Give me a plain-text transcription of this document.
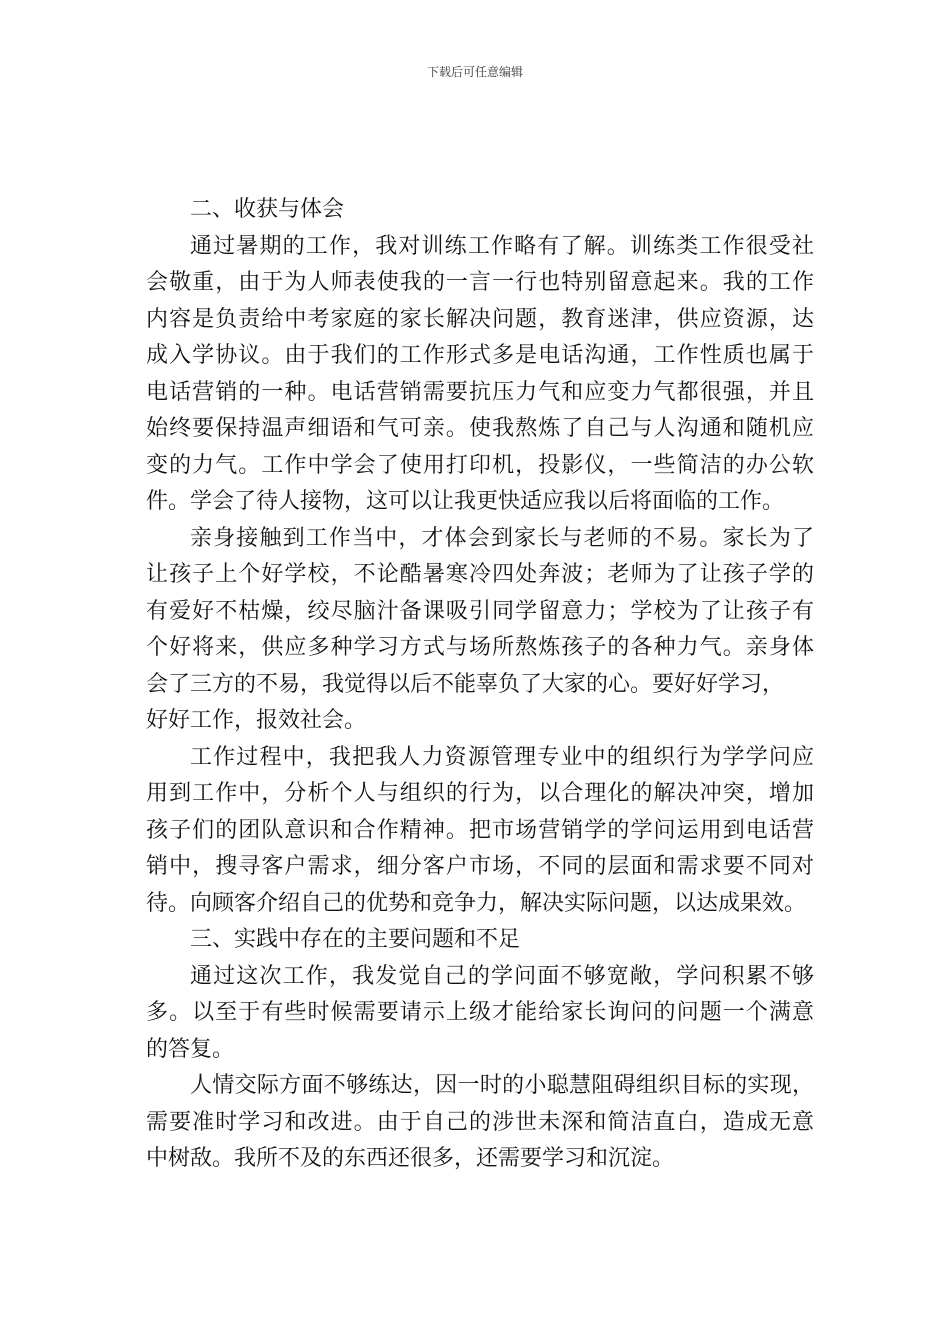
下载后可任意编辑
二、收获与体会
通过暑期的工作，我对训练工作略有了解。训练类工作很受社
会敬重，由于为人师表使我的一言一行也特别留意起来。我的工作
内容是负责给中考家庭的家长解决问题，教育迷津，供应资源，达
成入学协议。由于我们的工作形式多是电话沟通，工作性质也属于
电话营销的一种。电话营销需要抗压力气和应变力气都很强，并且
始终要保持温声细语和气可亲。使我熬炼了自己与人沟通和随机应
变的力气。工作中学会了使用打印机，投影仪，一些简洁的办公软
件。学会了待人接物，这可以让我更快适应我以后将面临的工作。
亲身接触到工作当中，才体会到家长与老师的不易。家长为了
让孩子上个好学校，不论酷暑寒冷四处奔波；老师为了让孩子学的
有爱好不枯燥，绞尽脑汁备课吸引同学留意力；学校为了让孩子有
个好将来，供应多种学习方式与场所熬炼孩子的各种力气。亲身体
会了三方的不易，我觉得以后不能辜负了大家的心。要好好学习，
好好工作，报效社会。
工作过程中，我把我人力资源管理专业中的组织行为学学问应
用到工作中，分析个人与组织的行为，以合理化的解决冲突，增加
孩子们的团队意识和合作精神。把市场营销学的学问运用到电话营
销中，搜寻客户需求，细分客户市场，不同的层面和需求要不同对
待。向顾客介绍自己的优势和竞争力，解决实际问题，以达成果效。
三、实践中存在的主要问题和不足
通过这次工作，我发觉自己的学问面不够宽敞，学问积累不够
多。以至于有些时候需要请示上级才能给家长询问的问题一个满意
的答复。
人情交际方面不够练达，因一时的小聪慧阻碍组织目标的实现，
需要准时学习和改进。由于自己的涉世未深和简洁直白，造成无意
中树敌。我所不及的东西还很多，还需要学习和沉淀。
